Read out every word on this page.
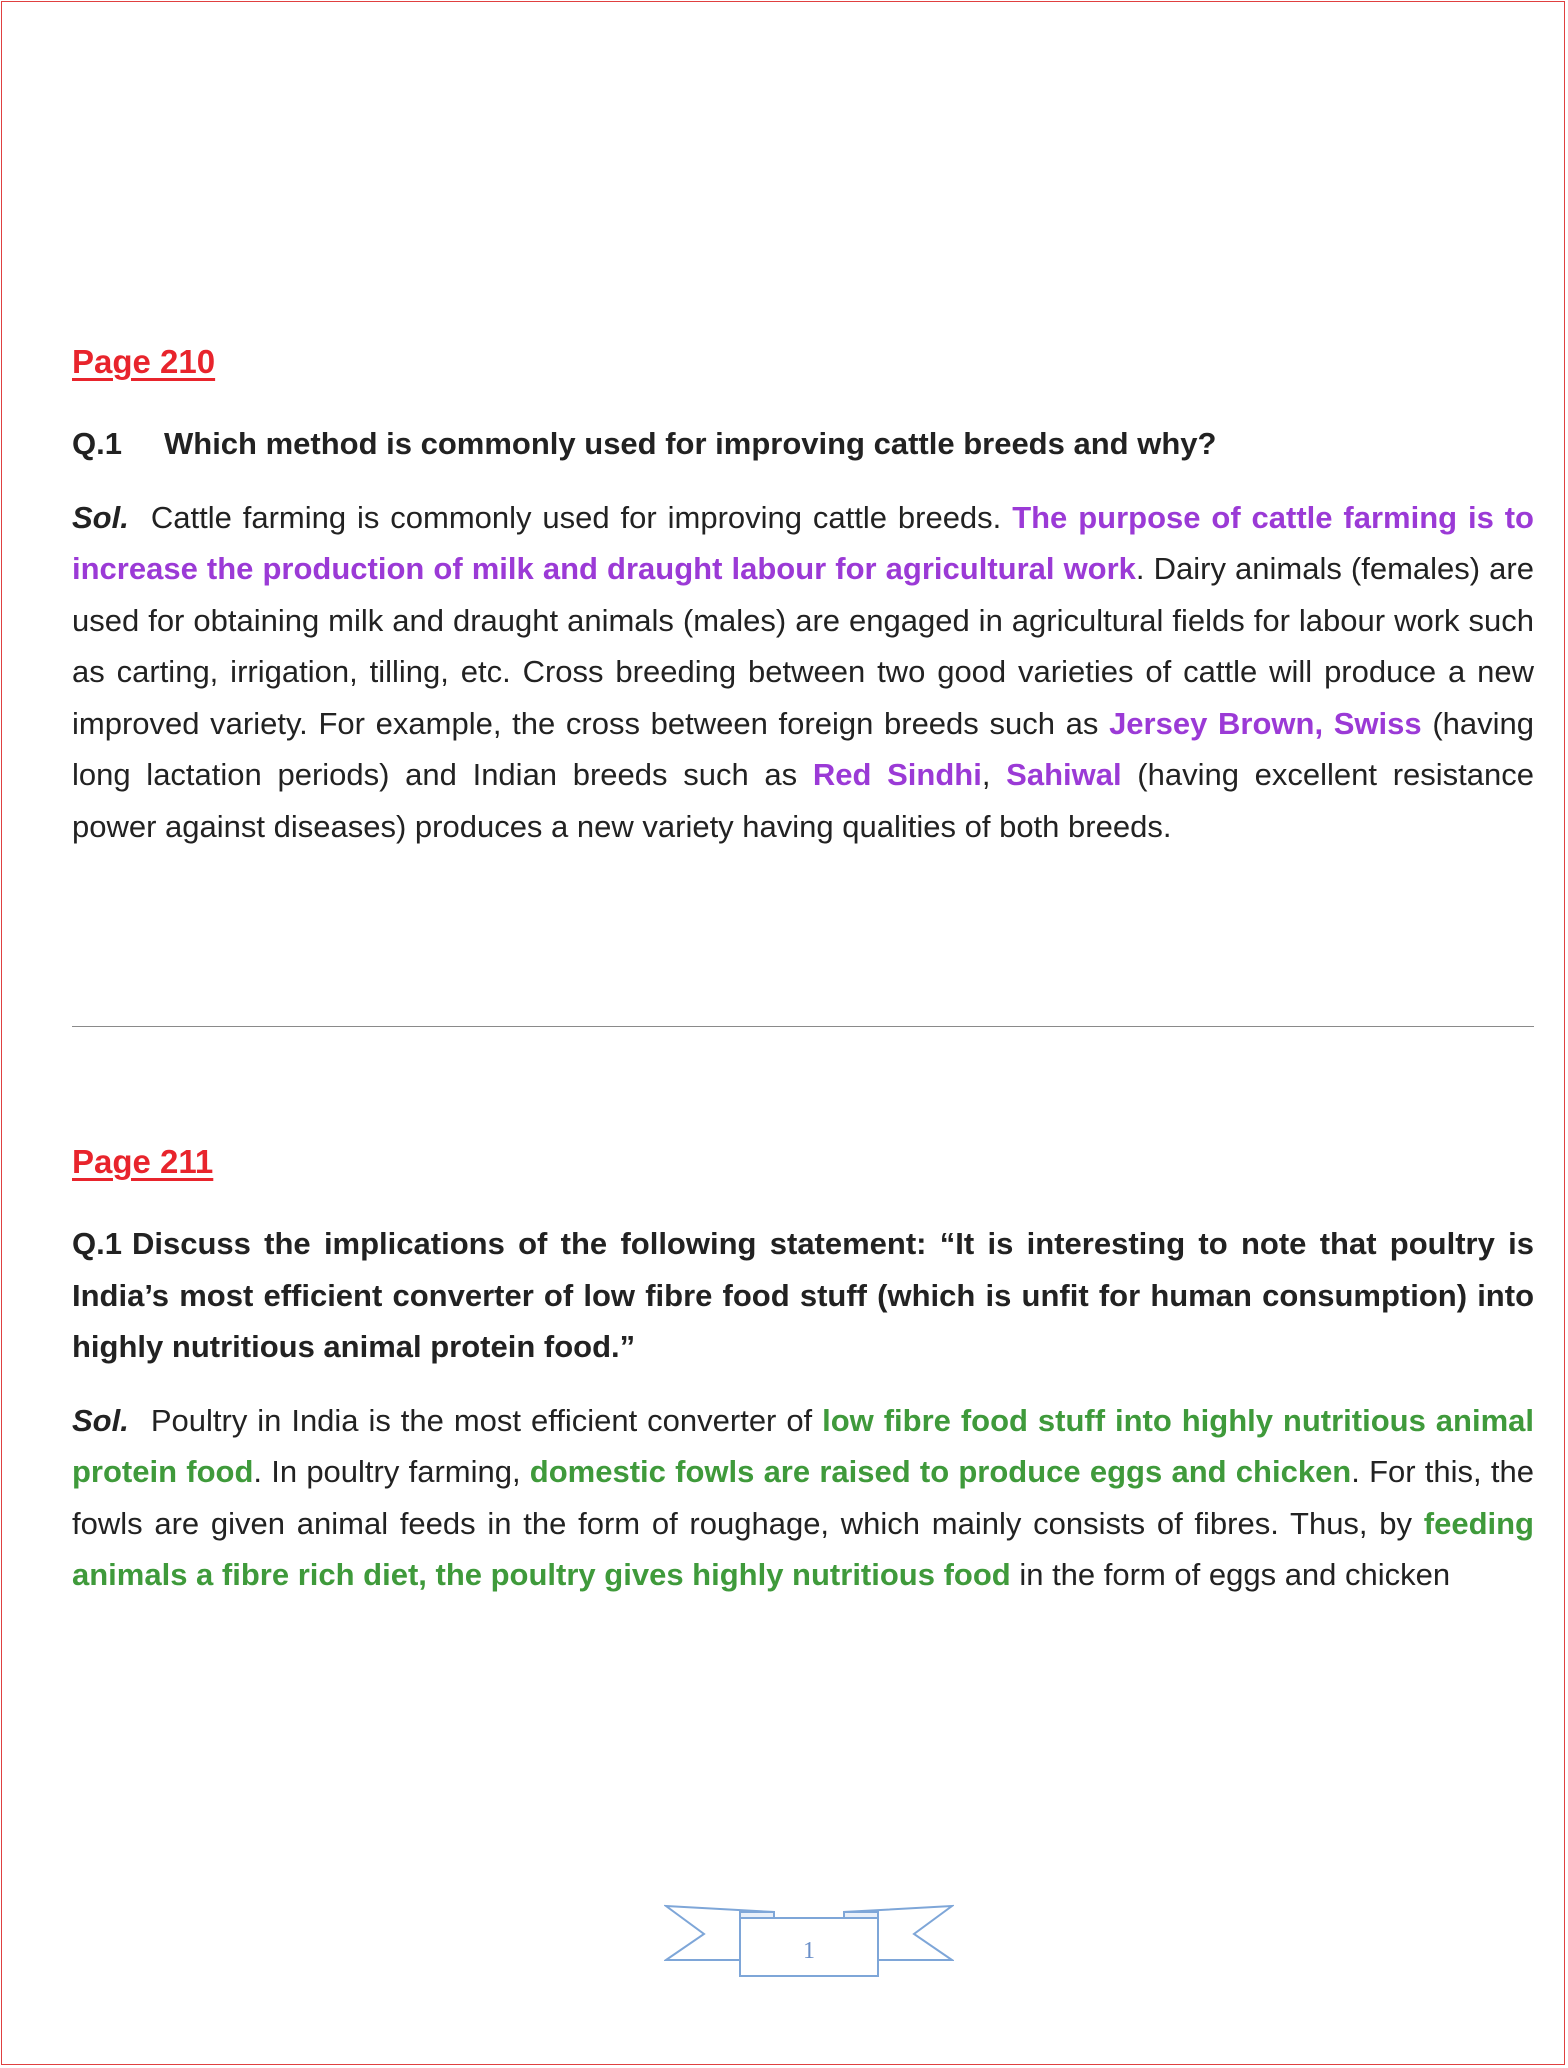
Page 210
Q.1 Which method is commonly used for improving cattle breeds and why?

Sol. Cattle farming is commonly used for improving cattle breeds. The purpose of cattle farming is to increase the production of milk and draught labour for agricultural work. Dairy animals (females) are used for obtaining milk and draught animals (males) are engaged in agricultural fields for labour work such as carting, irrigation, tilling, etc. Cross breeding between two good varieties of cattle will produce a new improved variety. For example, the cross between foreign breeds such as Jersey Brown, Swiss (having long lactation periods) and Indian breeds such as Red Sindhi, Sahiwal (having excellent resistance power against diseases) produces a new variety having qualities of both breeds.

Page 211
Q.1 Discuss the implications of the following statement: “It is interesting to note that poultry is India’s most efficient converter of low fibre food stuff (which is unfit for human consumption) into highly nutritious animal protein food.”

Sol. Poultry in India is the most efficient converter of low fibre food stuff into highly nutritious animal protein food. In poultry farming, domestic fowls are raised to produce eggs and chicken. For this, the fowls are given animal feeds in the form of roughage, which mainly consists of fibres. Thus, by feeding animals a fibre rich diet, the poultry gives highly nutritious food in the form of eggs and chicken

1
